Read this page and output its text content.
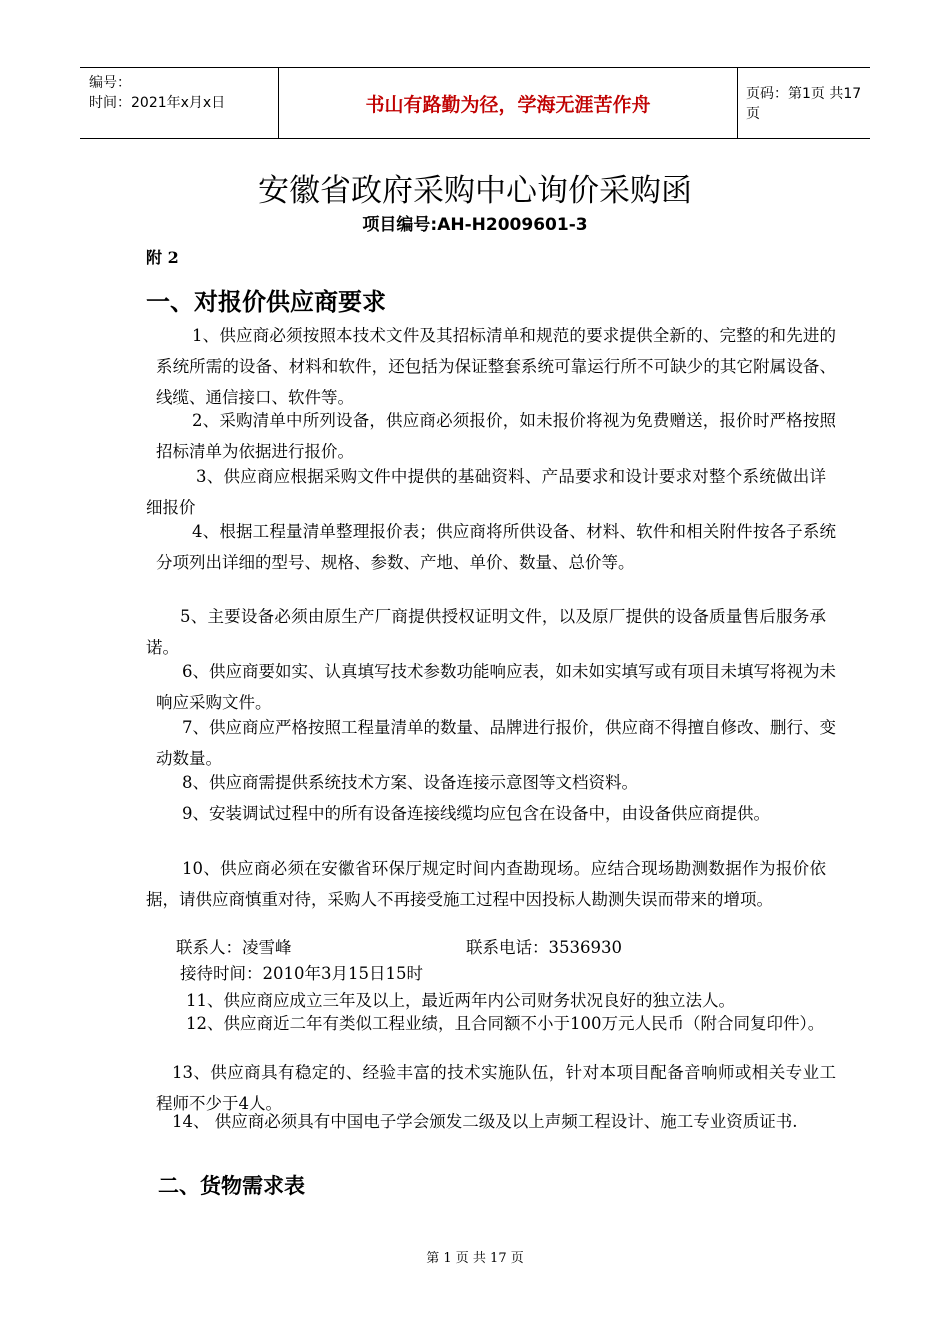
编号：
时间：2021年x月x日	书山有路勤为径，学海无涯苦作舟	页码：第1页 共17页
安徽省政府采购中心询价采购函
项目编号:AH-H2009601-3
附 2
一、对报价供应商要求
1、供应商必须按照本技术文件及其招标清单和规范的要求提供全新的、完整的和先进的系统所需的设备、材料和软件，还包括为保证整套系统可靠运行所不可缺少的其它附属设备、线缆、通信接口、软件等。
2、采购清单中所列设备，供应商必须报价，如未报价将视为免费赠送，报价时严格按照招标清单为依据进行报价。
3、供应商应根据采购文件中提供的基础资料、产品要求和设计要求对整个系统做出详细报价
4、根据工程量清单整理报价表；供应商将所供设备、材料、软件和相关附件按各子系统分项列出详细的型号、规格、参数、产地、单价、数量、总价等。
5、主要设备必须由原生产厂商提供授权证明文件，以及原厂提供的设备质量售后服务承诺。
6、供应商要如实、认真填写技术参数功能响应表，如未如实填写或有项目未填写将视为未响应采购文件。
7、供应商应严格按照工程量清单的数量、品牌进行报价，供应商不得擅自修改、删行、变动数量。
8、供应商需提供系统技术方案、设备连接示意图等文档资料。
9、安装调试过程中的所有设备连接线缆均应包含在设备中，由设备供应商提供。
10、供应商必须在安徽省环保厅规定时间内查勘现场。应结合现场勘测数据作为报价依据，请供应商慎重对待，采购人不再接受施工过程中因投标人勘测失误而带来的增项。
联系人：凌雪峰	联系电话：3536930
接待时间：2010年3月15日15时
11、供应商应成立三年及以上，最近两年内公司财务状况良好的独立法人。
12、供应商近二年有类似工程业绩，且合同额不小于100万元人民币（附合同复印件）。
13、供应商具有稳定的、经验丰富的技术实施队伍，针对本项目配备音响师或相关专业工程师不少于4人。
14、 供应商必须具有中国电子学会颁发二级及以上声频工程设计、施工专业资质证书.
二、货物需求表
第 1 页 共 17 页
